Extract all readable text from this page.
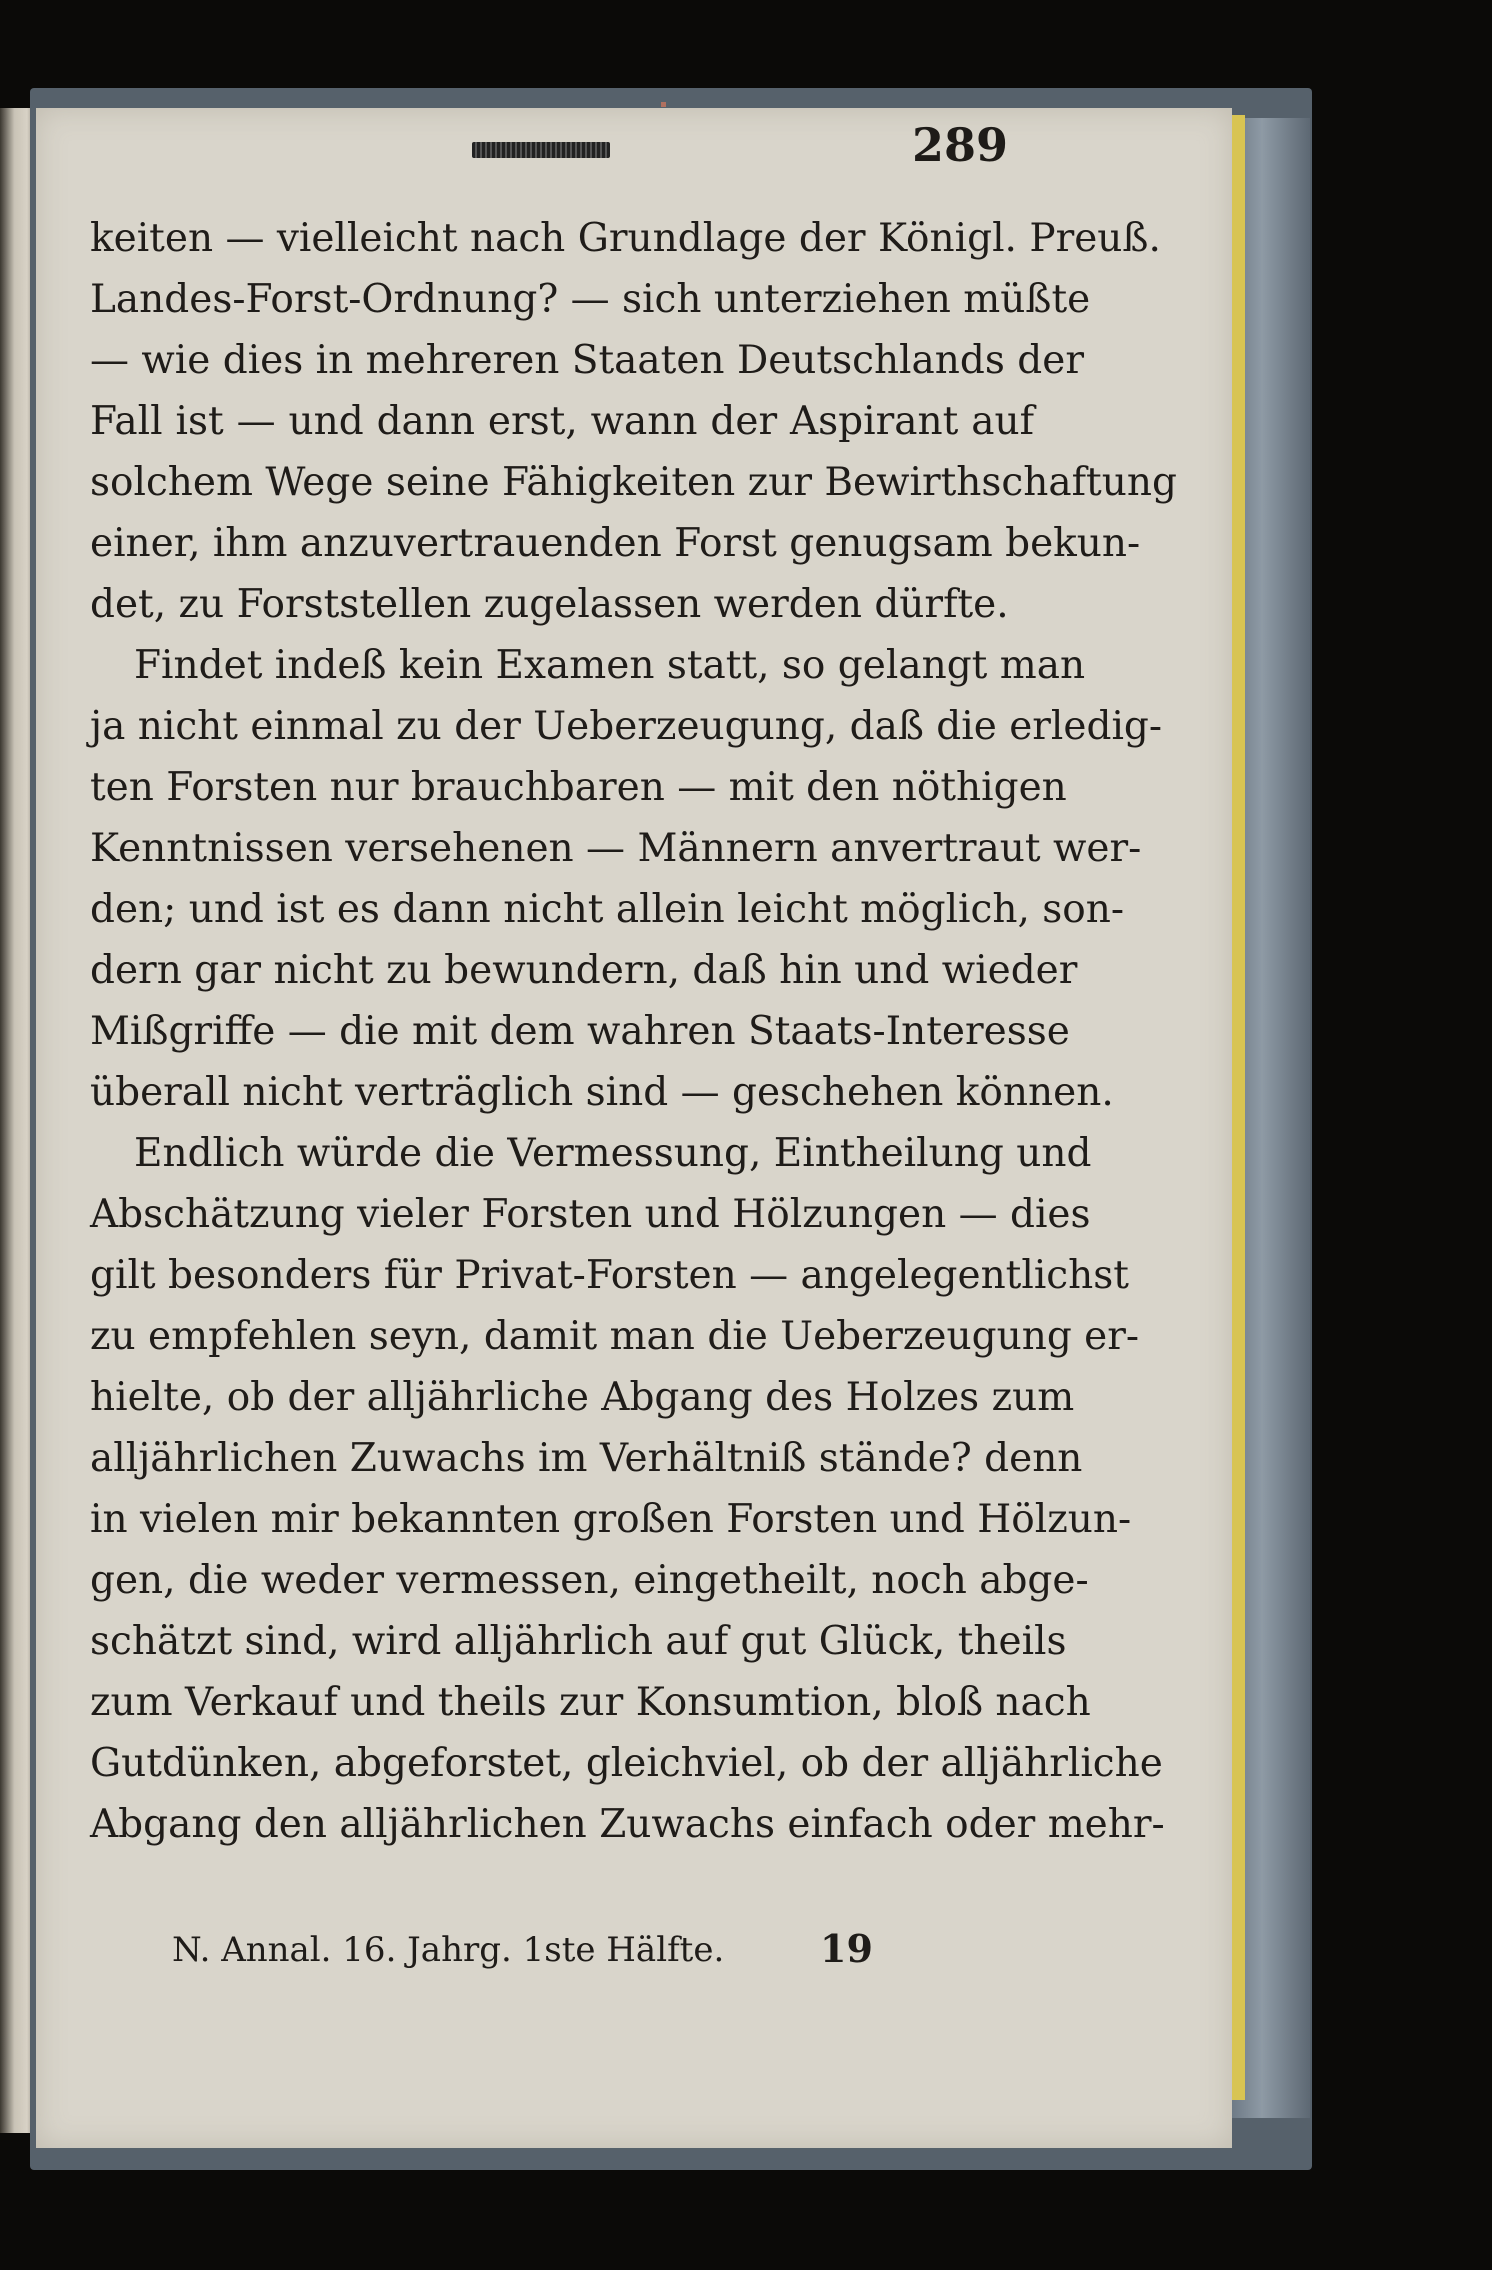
289
keiten — vielleicht nach Grundlage der Königl. Preuß.
Landes-Forst-Ordnung? — sich unterziehen müßte
— wie dies in mehreren Staaten Deutschlands der
Fall ist — und dann erst, wann der Aspirant auf
solchem Wege seine Fähigkeiten zur Bewirthschaftung
einer, ihm anzuvertrauenden Forst genugsam bekun-
det, zu Forststellen zugelassen werden dürfte.
Findet indeß kein Examen statt, so gelangt man
ja nicht einmal zu der Ueberzeugung, daß die erledig-
ten Forsten nur brauchbaren — mit den nöthigen
Kenntnissen versehenen — Männern anvertraut wer-
den; und ist es dann nicht allein leicht möglich, son-
dern gar nicht zu bewundern, daß hin und wieder
Mißgriffe — die mit dem wahren Staats-Interesse
überall nicht verträglich sind — geschehen können.
Endlich würde die Vermessung, Eintheilung und
Abschätzung vieler Forsten und Hölzungen — dies
gilt besonders für Privat-Forsten — angelegentlichst
zu empfehlen seyn, damit man die Ueberzeugung er-
hielte, ob der alljährliche Abgang des Holzes zum
alljährlichen Zuwachs im Verhältniß stände? denn
in vielen mir bekannten großen Forsten und Hölzun-
gen, die weder vermessen, eingetheilt, noch abge-
schätzt sind, wird alljährlich auf gut Glück, theils
zum Verkauf und theils zur Konsumtion, bloß nach
Gutdünken, abgeforstet, gleichviel, ob der alljährliche
Abgang den alljährlichen Zuwachs einfach oder mehr-
N. Annal. 16. Jahrg. 1ste Hälfte.	19
